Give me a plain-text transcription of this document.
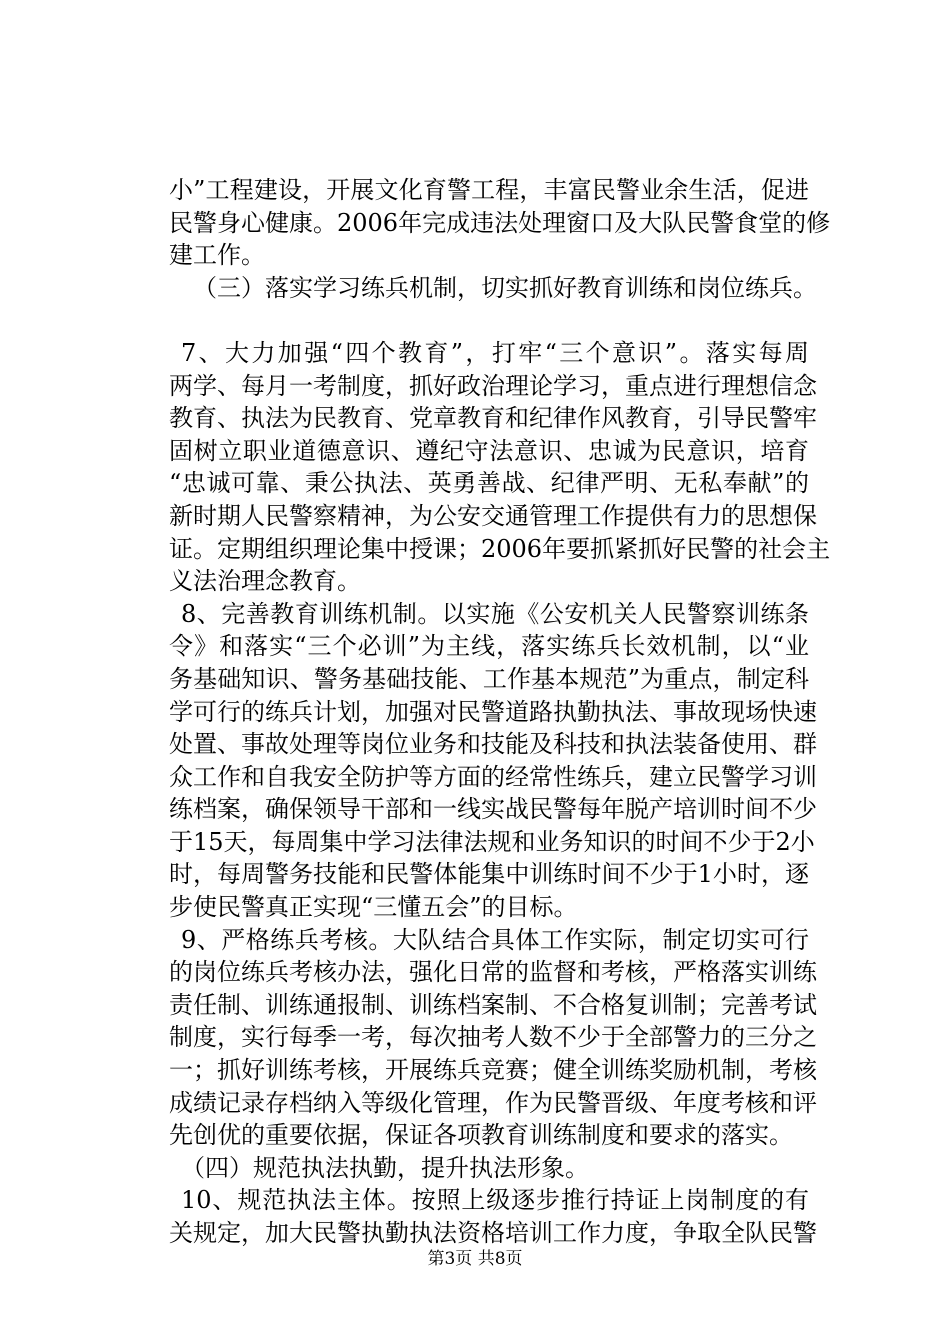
小”工程建设，开展文化育警工程，丰富民警业余生活，促进
民警身心健康。2006年完成违法处理窗口及大队民警食堂的修
建工作。
（三）落实学习练兵机制，切实抓好教育训练和岗位练兵。
7、大力加强“四个教育”，打牢“三个意识”。落实每周
两学、每月一考制度，抓好政治理论学习，重点进行理想信念
教育、执法为民教育、党章教育和纪律作风教育，引导民警牢
固树立职业道德意识、遵纪守法意识、忠诚为民意识，培育
“忠诚可靠、秉公执法、英勇善战、纪律严明、无私奉献”的
新时期人民警察精神，为公安交通管理工作提供有力的思想保
证。定期组织理论集中授课；2006年要抓紧抓好民警的社会主
义法治理念教育。
8、完善教育训练机制。以实施《公安机关人民警察训练条
令》和落实“三个必训”为主线，落实练兵长效机制，以“业
务基础知识、警务基础技能、工作基本规范”为重点，制定科
学可行的练兵计划，加强对民警道路执勤执法、事故现场快速
处置、事故处理等岗位业务和技能及科技和执法装备使用、群
众工作和自我安全防护等方面的经常性练兵，建立民警学习训
练档案，确保领导干部和一线实战民警每年脱产培训时间不少
于15天，每周集中学习法律法规和业务知识的时间不少于2小
时，每周警务技能和民警体能集中训练时间不少于1小时，逐
步使民警真正实现“三懂五会”的目标。
9、严格练兵考核。大队结合具体工作实际，制定切实可行
的岗位练兵考核办法，强化日常的监督和考核，严格落实训练
责任制、训练通报制、训练档案制、不合格复训制；完善考试
制度，实行每季一考，每次抽考人数不少于全部警力的三分之
一；抓好训练考核，开展练兵竞赛；健全训练奖励机制，考核
成绩记录存档纳入等级化管理，作为民警晋级、年度考核和评
先创优的重要依据，保证各项教育训练制度和要求的落实。
（四）规范执法执勤，提升执法形象。
10、规范执法主体。按照上级逐步推行持证上岗制度的有
关规定，加大民警执勤执法资格培训工作力度，争取全队民警
第3页 共8页
